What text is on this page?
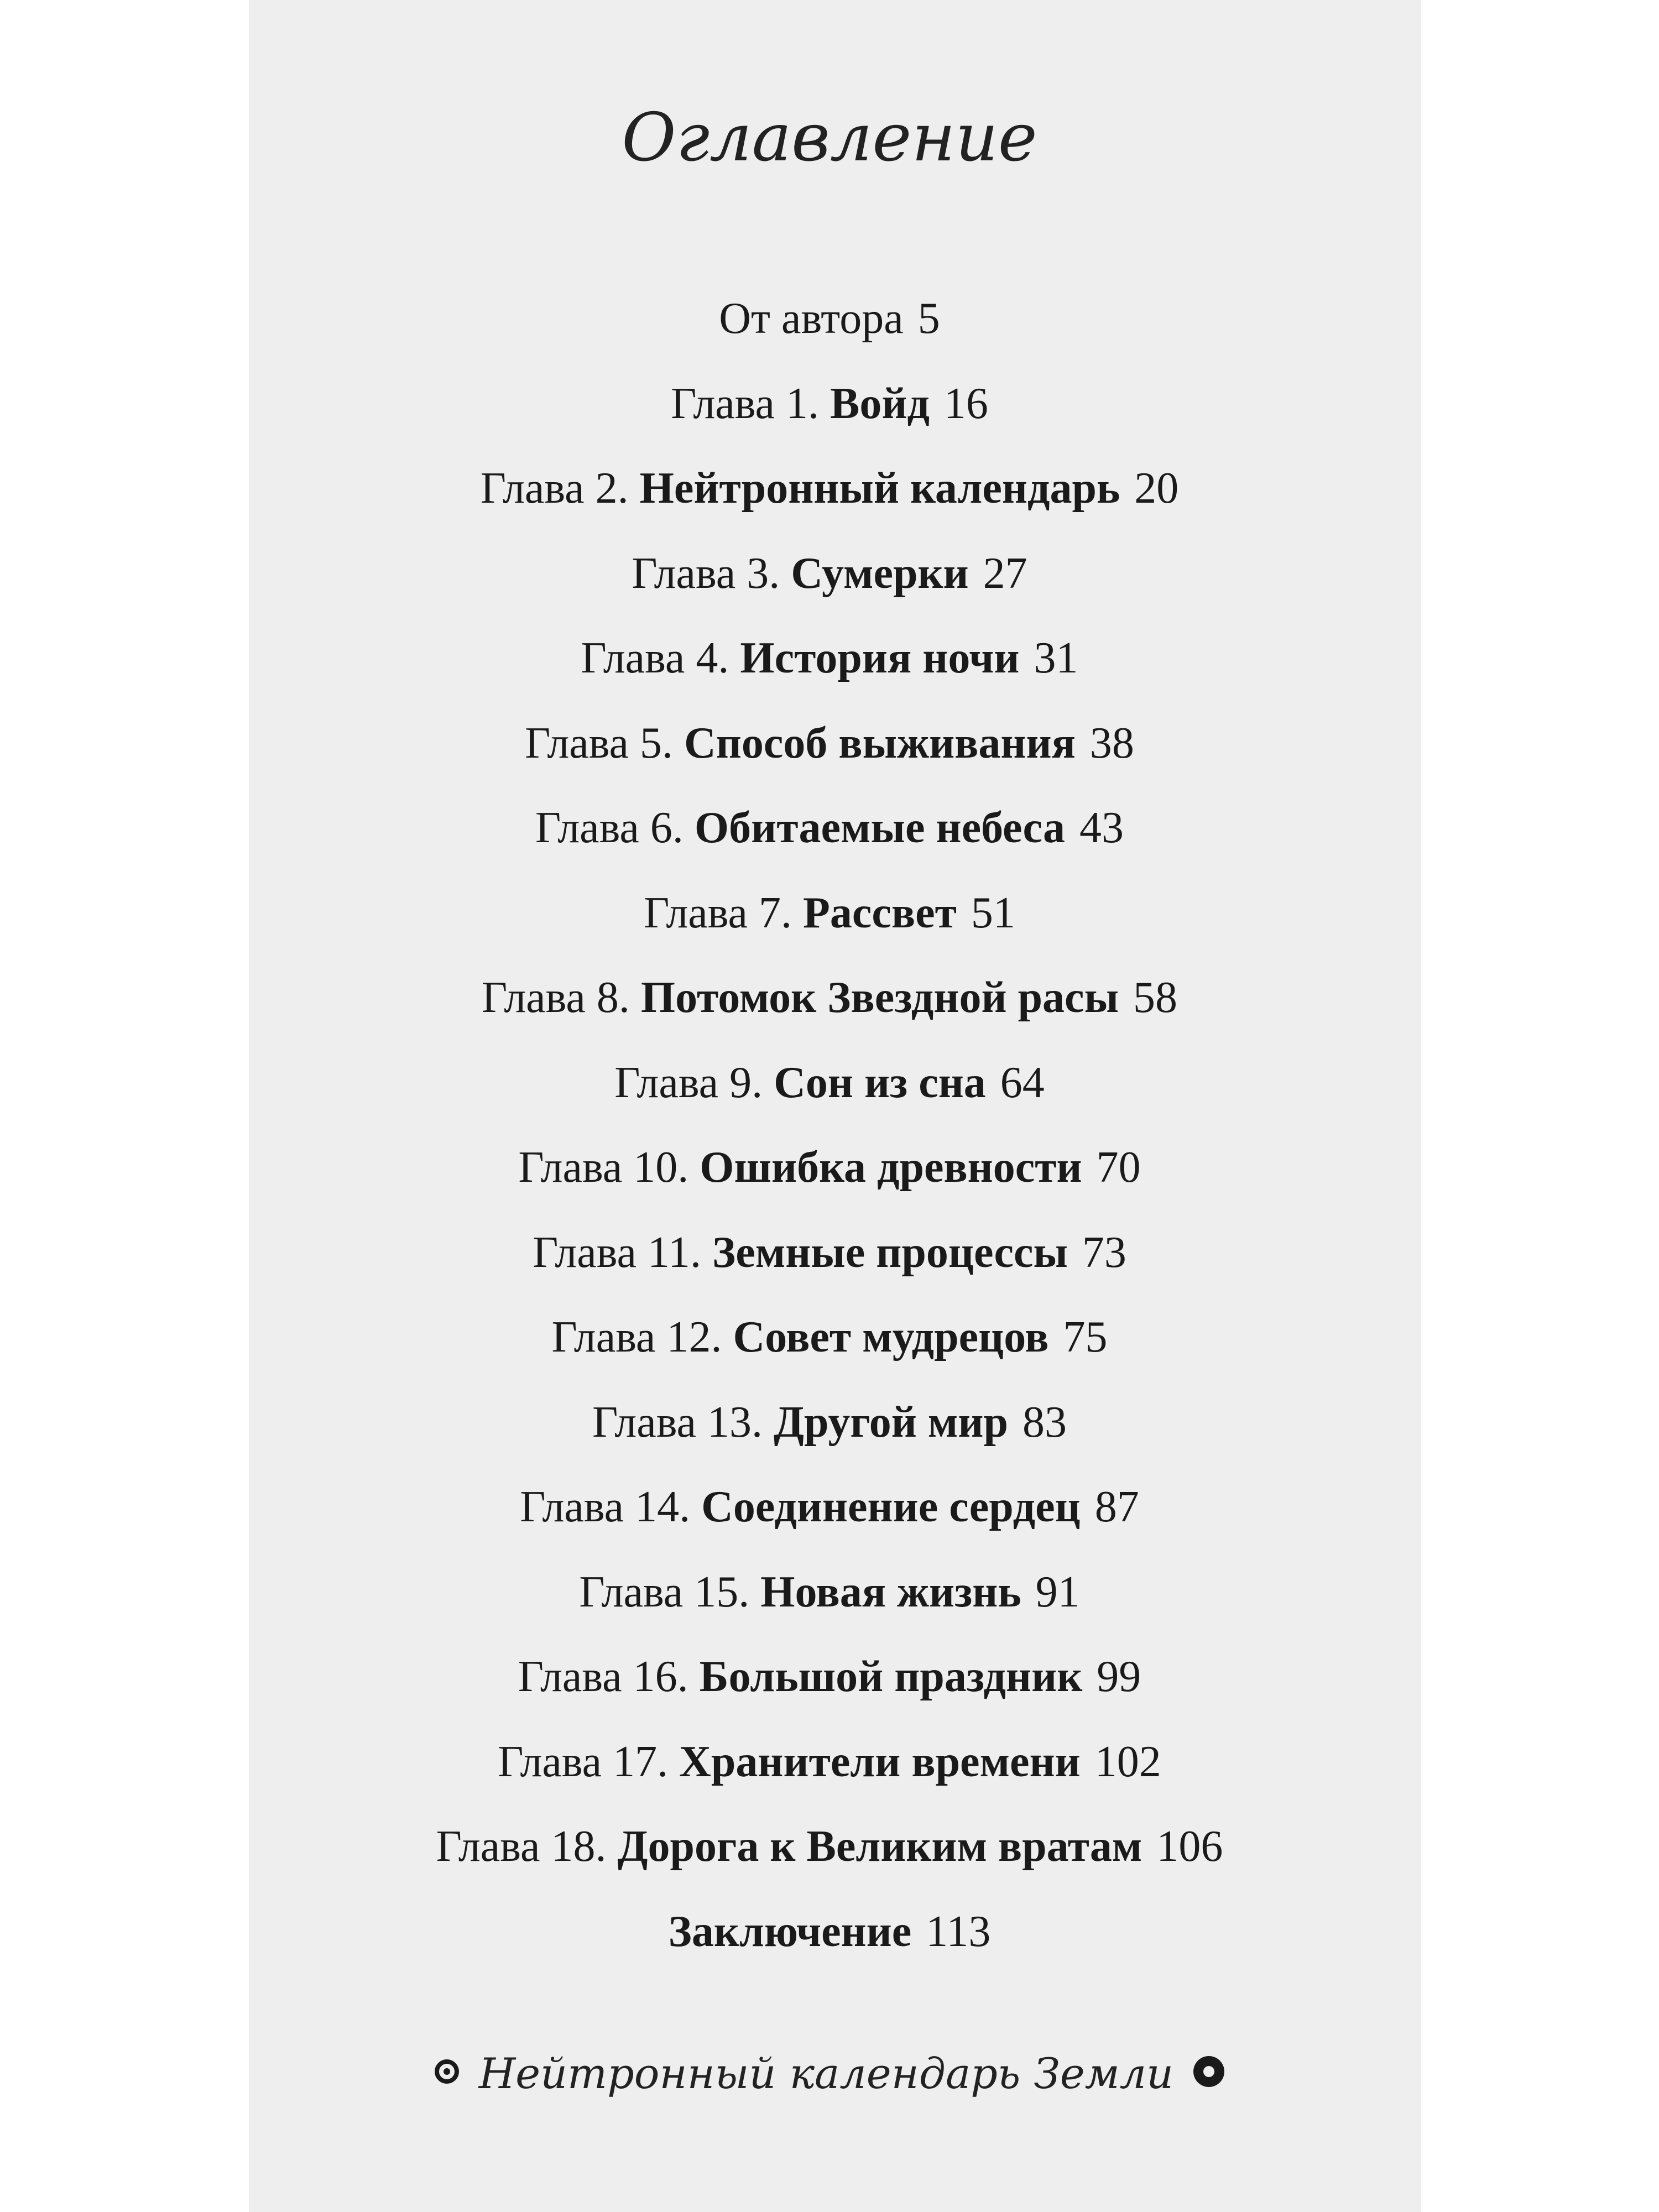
Оглавление
От автора 5
Глава 1. Войд 16
Глава 2. Нейтронный календарь 20
Глава 3. Сумерки 27
Глава 4. История ночи 31
Глава 5. Способ выживания 38
Глава 6. Обитаемые небеса 43
Глава 7. Рассвет 51
Глава 8. Потомок Звездной расы 58
Глава 9. Сон из сна 64
Глава 10. Ошибка древности 70
Глава 11. Земные процессы 73
Глава 12. Совет мудрецов 75
Глава 13. Другой мир 83
Глава 14. Соединение сердец 87
Глава 15. Новая жизнь 91
Глава 16. Большой праздник 99
Глава 17. Хранители времени 102
Глава 18. Дорога к Великим вратам 106
Заключение 113
Нейтронный календарь Земли
